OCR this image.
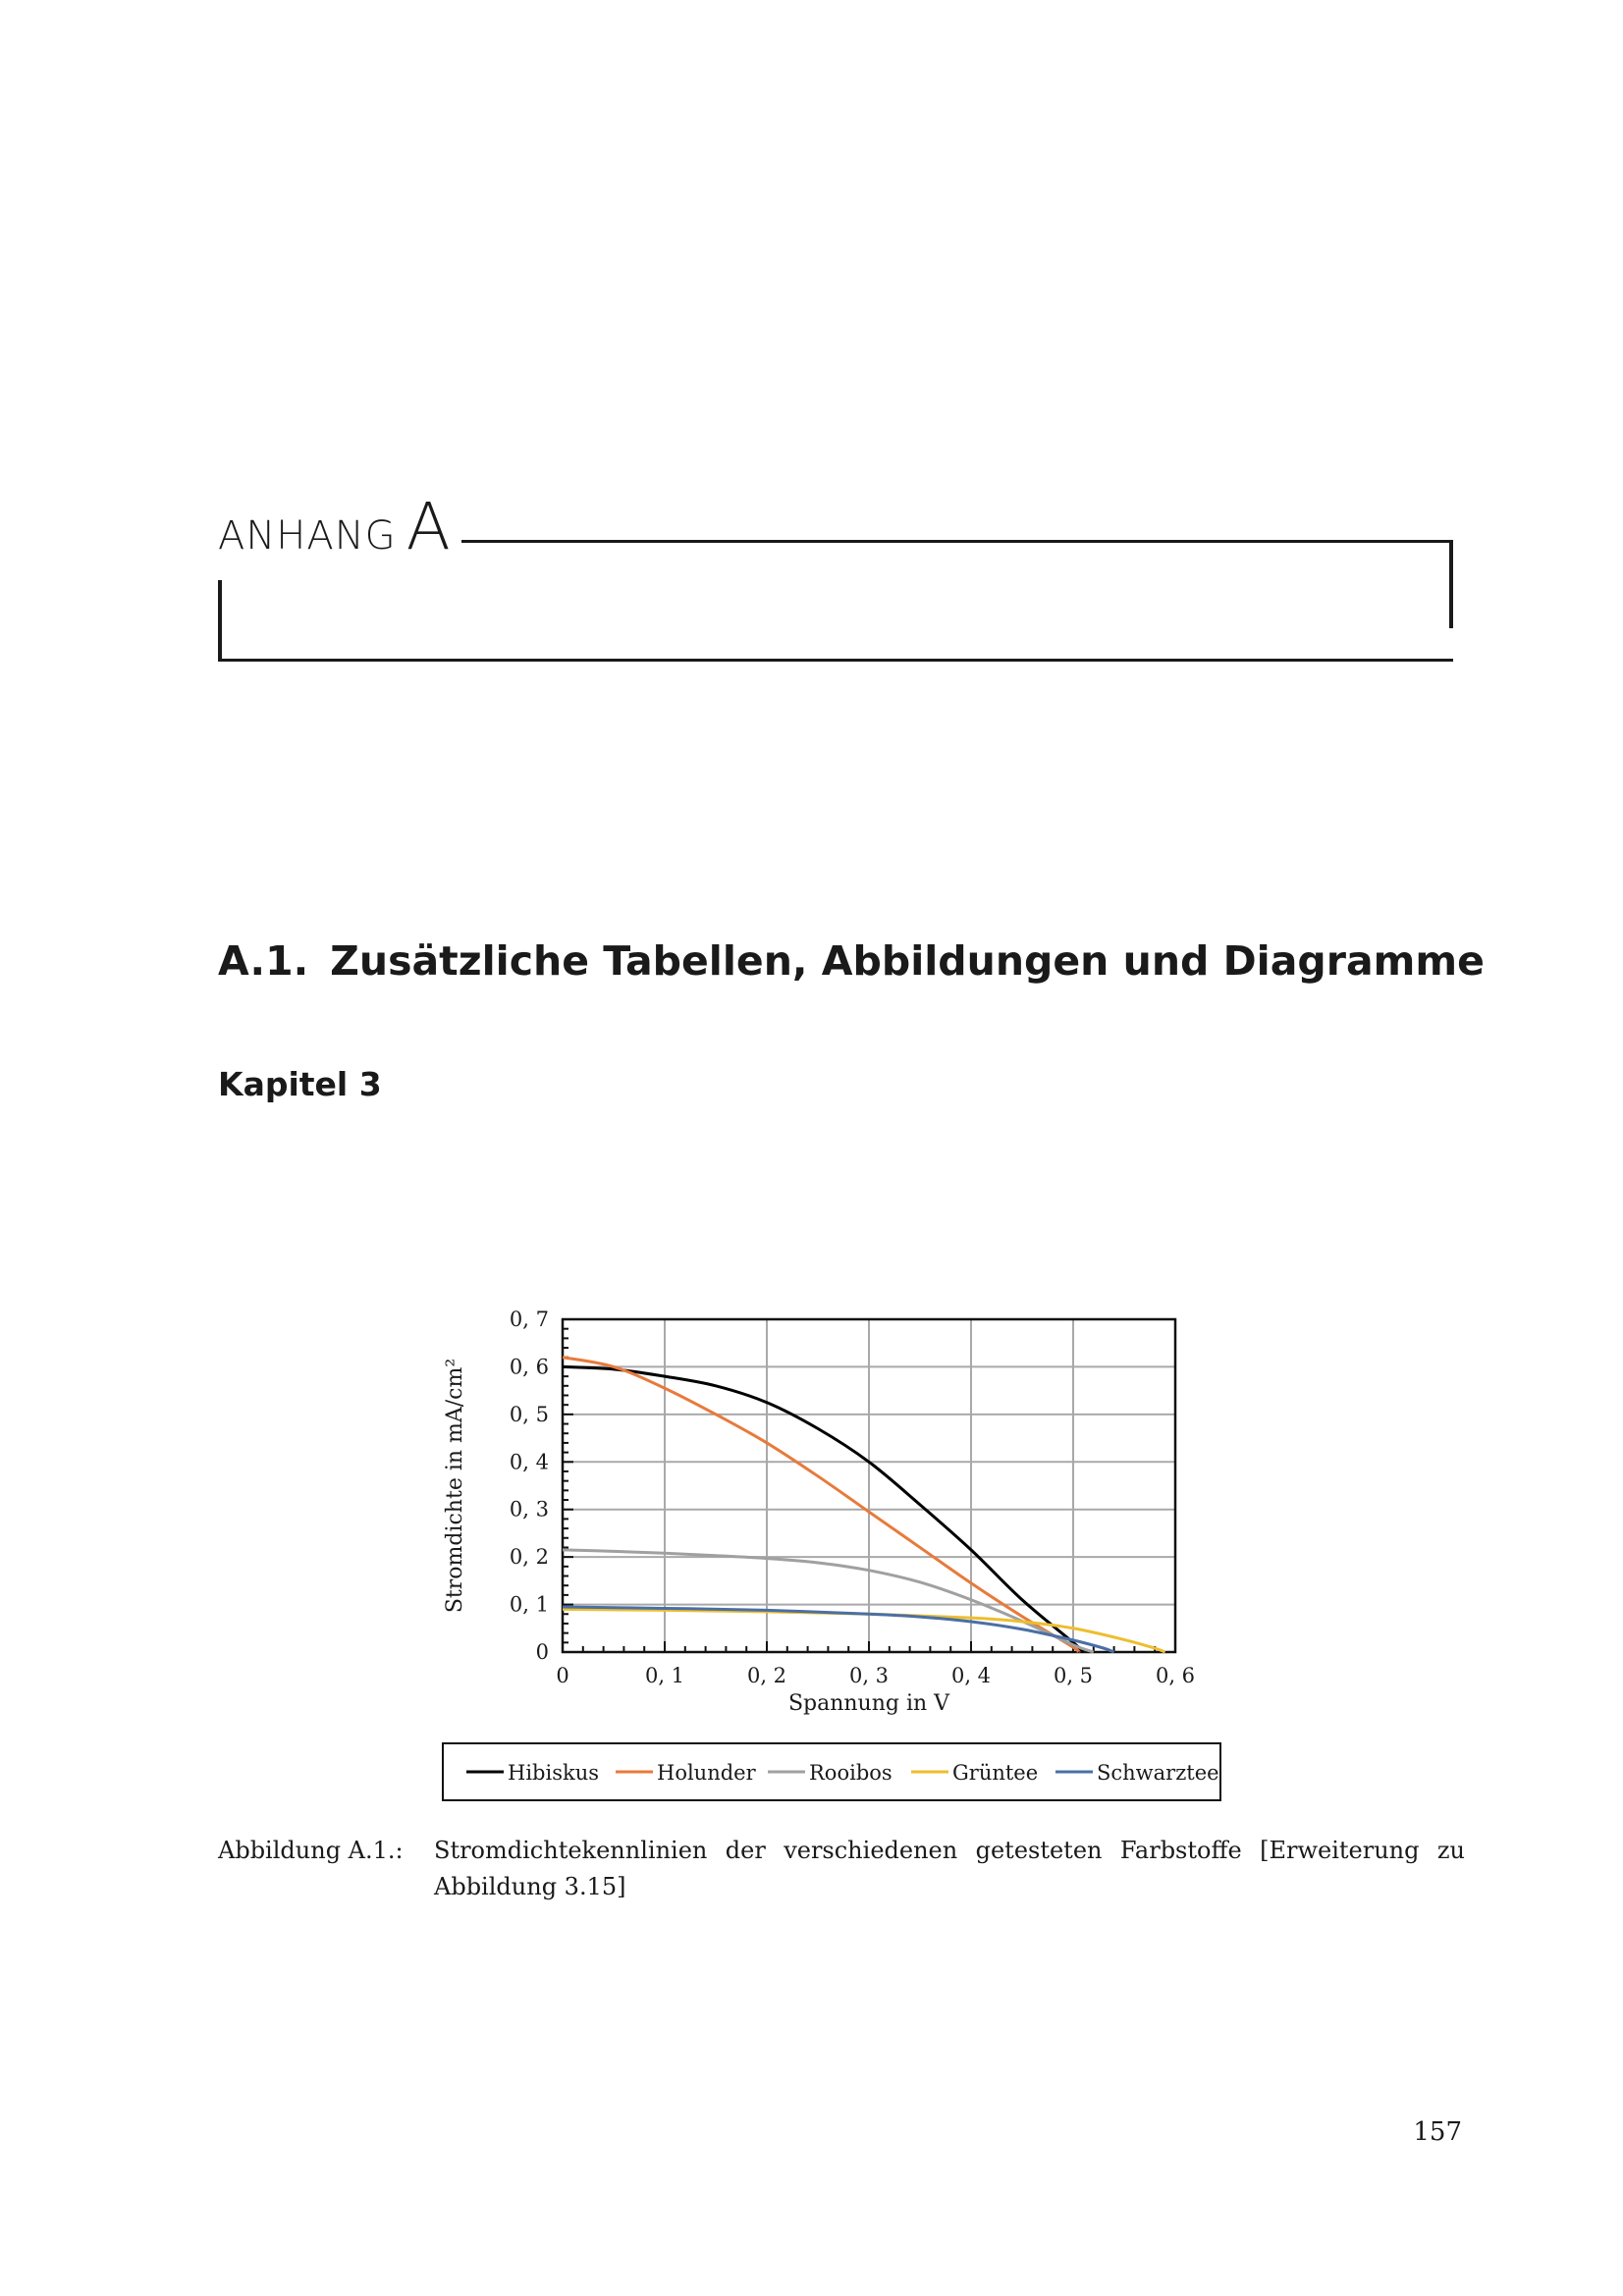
ANHANG A
A.1. Zusätzliche Tabellen, Abbildungen und Diagramme
Kapitel 3
0	0, 1	0, 2	0, 3	0, 4	0, 5	0, 6
0
0, 1
0, 2
0, 3
0, 4
0, 5
0, 6
0, 7
Spannung in V
Stromdichte in mA/cm²
Hibiskus	Holunder	Rooibos	Grüntee	Schwarztee
Abbildung A.1.: Stromdichtekennlinien der verschiedenen getesteten Farbstoffe [Erweiterung zu Abbildung 3.15]
157
